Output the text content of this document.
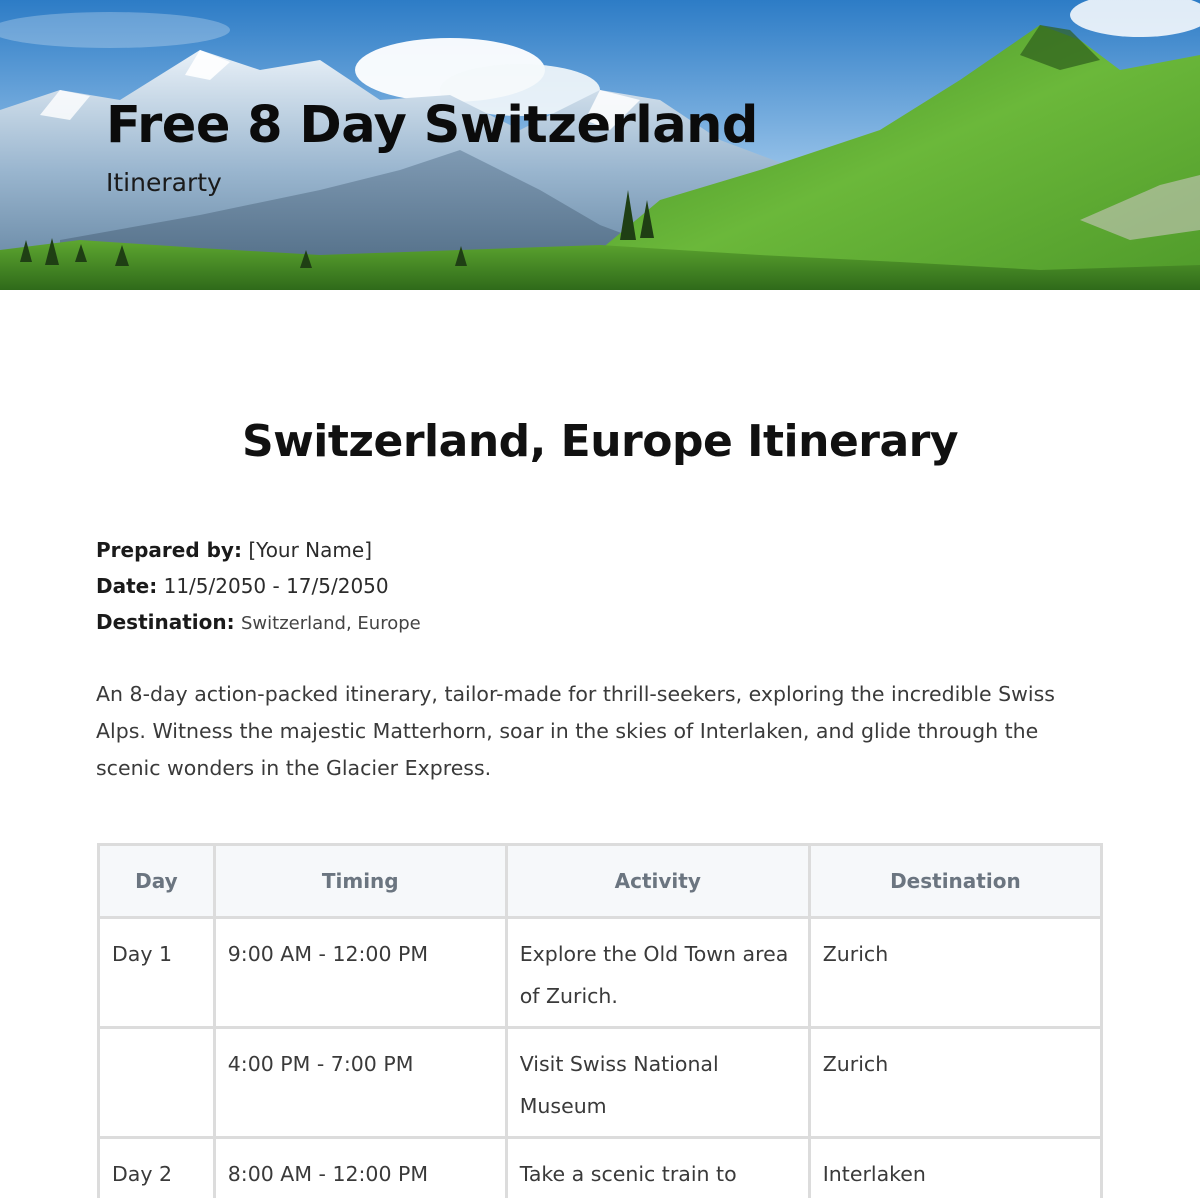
Free 8 Day Switzerland
Itinerarty
Switzerland, Europe Itinerary
Prepared by: [Your Name]
Date: 11/5/2050 - 17/5/2050
Destination: Switzerland, Europe

An 8-day action-packed itinerary, tailor-made for thrill-seekers, exploring the incredible Swiss Alps. Witness the majestic Matterhorn, soar in the skies of Interlaken, and glide through the scenic wonders in the Glacier Express.

Day	Timing	Activity	Destination

Day 1	9:00 AM - 12:00 PM	Explore the Old Town area of Zurich.	Zurich

	4:00 PM - 7:00 PM	Visit Swiss National Museum	Zurich

Day 2	8:00 AM - 12:00 PM	Take a scenic train to	Interlaken
